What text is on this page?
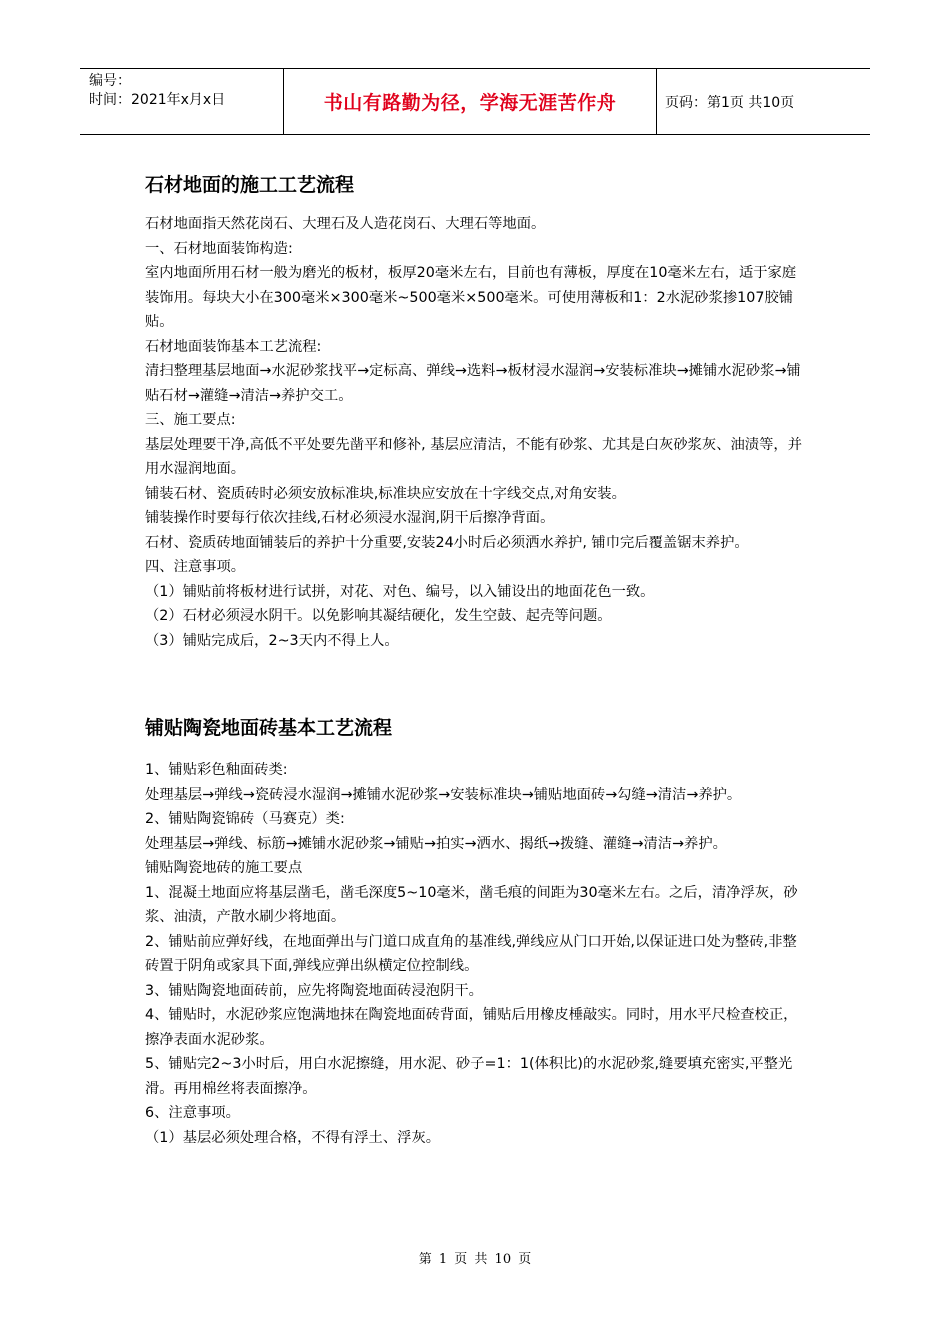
编号：
时间：2021年x月x日	书山有路勤为径，学海无涯苦作舟	页码：第1页 共10页
石材地面的施工工艺流程

石材地面指天然花岗石、大理石及人造花岗石、大理石等地面。

一、石材地面装饰构造:

室内地面所用石材一般为磨光的板材，板厚20毫米左右，目前也有薄板，厚度在10毫米左右，适于家庭装饰用。每块大小在300毫米×300毫米~500毫米×500毫米。可使用薄板和1：2水泥砂浆掺107胶铺贴。

石材地面装饰基本工艺流程:

清扫整理基层地面→水泥砂浆找平→定标高、弹线→选料→板材浸水湿润→安装标准块→摊铺水泥砂浆→铺贴石材→灌缝→清洁→养护交工。

三、施工要点:

基层处理要干净,高低不平处要先凿平和修补, 基层应清洁，不能有砂浆、尤其是白灰砂浆灰、油渍等，并用水湿润地面。

铺装石材、瓷质砖时必须安放标准块,标准块应安放在十字线交点,对角安装。

铺装操作时要每行依次挂线,石材必须浸水湿润,阴干后擦净背面。

石材、瓷质砖地面铺装后的养护十分重要,安装24小时后必须洒水养护, 铺巾完后覆盖锯末养护。

四、注意事项。

（1）铺贴前将板材进行试拼，对花、对色、编号，以入铺设出的地面花色一致。

（2）石材必须浸水阴干。以免影响其凝结硬化，发生空鼓、起壳等问题。

（3）铺贴完成后，2~3天内不得上人。

铺贴陶瓷地面砖基本工艺流程

1、铺贴彩色釉面砖类:

处理基层→弹线→瓷砖浸水湿润→摊铺水泥砂浆→安装标准块→铺贴地面砖→勾缝→清洁→养护。

2、铺贴陶瓷锦砖（马赛克）类:

处理基层→弹线、标筋→摊铺水泥砂浆→铺贴→拍实→洒水、揭纸→拨缝、灌缝→清洁→养护。

铺贴陶瓷地砖的施工要点

1、混凝土地面应将基层凿毛，凿毛深度5~10毫米，凿毛痕的间距为30毫米左右。之后，清净浮灰，砂浆、油渍，产散水刷少将地面。

2、铺贴前应弹好线，在地面弹出与门道口成直角的基准线,弹线应从门口开始,以保证进口处为整砖,非整砖置于阴角或家具下面,弹线应弹出纵横定位控制线。

3、铺贴陶瓷地面砖前，应先将陶瓷地面砖浸泡阴干。

4、铺贴时，水泥砂浆应饱满地抹在陶瓷地面砖背面，铺贴后用橡皮棰敲实。同时，用水平尺检查校正，擦净表面水泥砂浆。

5、铺贴完2~3小时后，用白水泥擦缝，用水泥、砂子=1：1(体积比)的水泥砂浆,缝要填充密实,平整光滑。再用棉丝将表面擦净。

6、注意事项。

（1）基层必须处理合格，不得有浮土、浮灰。

第 1 页 共 10 页
